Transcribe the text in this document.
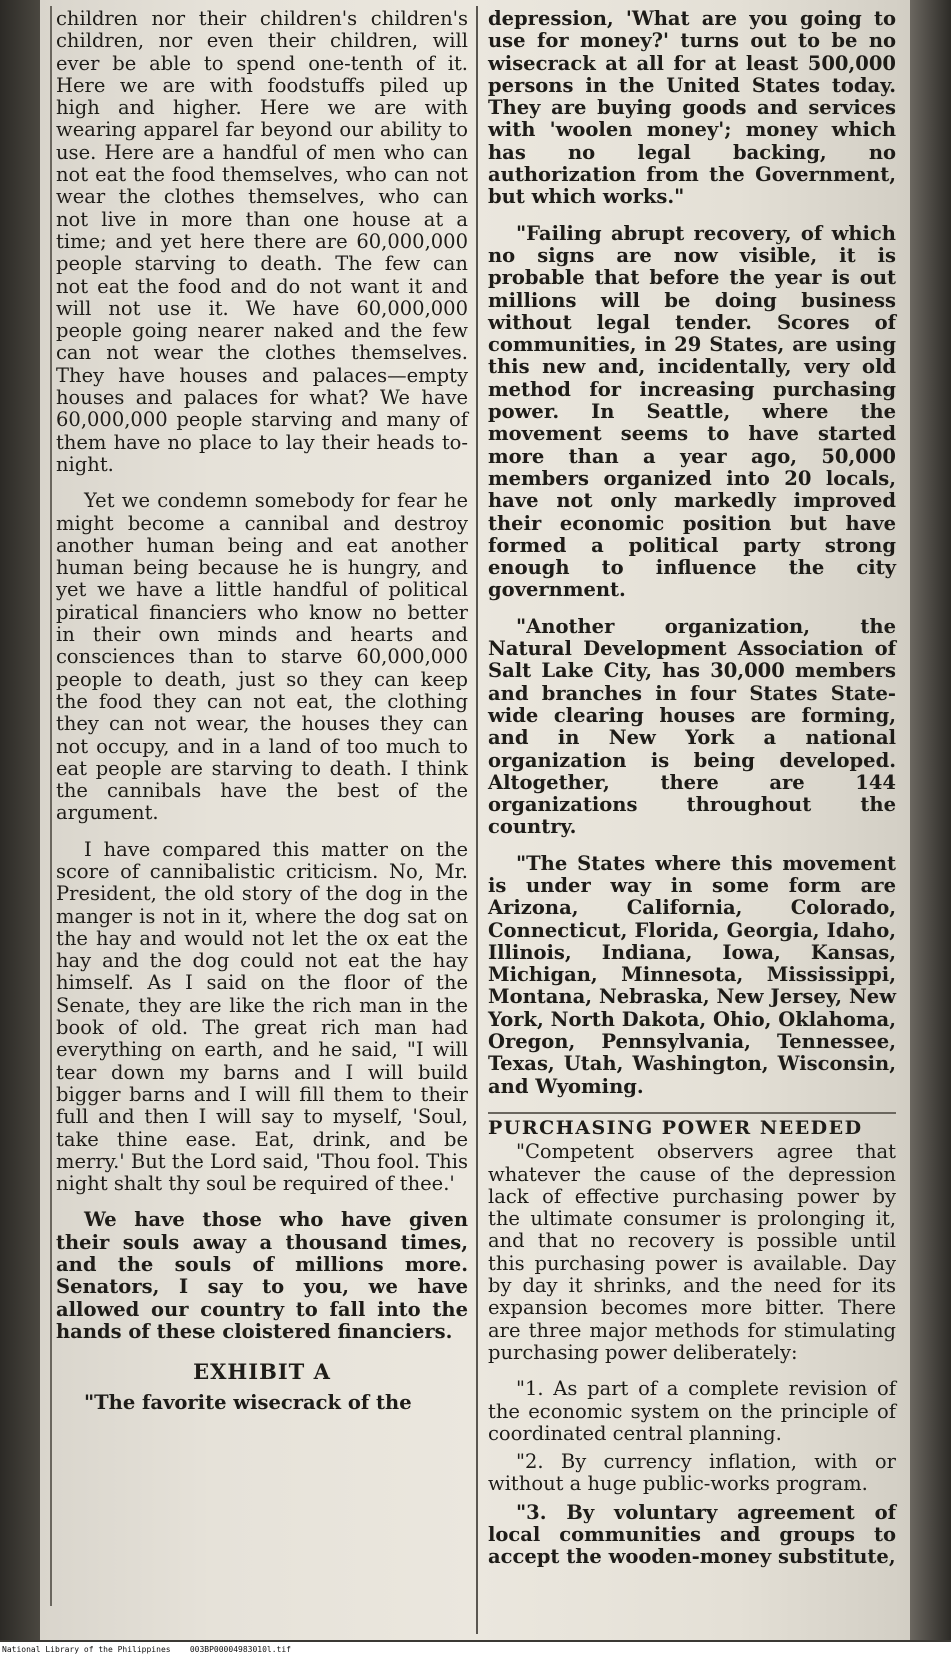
children nor their children's children's children, nor even their children, will ever be able to spend one-tenth of it. Here we are with foodstuffs piled up high and higher. Here we are with wearing apparel far beyond our ability to use. Here are a handful of men who can not eat the food themselves, who can not wear the clothes themselves, who can not live in more than one house at a time; and yet here there are 60,000,000 people starving to death. The few can not eat the food and do not want it and will not use it. We have 60,000,000 people going nearer naked and the few can not wear the clothes themselves. They have houses and palaces—empty houses and palaces for what? We have 60,000,000 people starving and many of them have no place to lay their heads to-night.

Yet we condemn somebody for fear he might become a cannibal and destroy another human being and eat another human being because he is hungry, and yet we have a little handful of political piratical financiers who know no better in their own minds and hearts and consciences than to starve 60,000,000 people to death, just so they can keep the food they can not eat, the clothing they can not wear, the houses they can not occupy, and in a land of too much to eat people are starving to death. I think the cannibals have the best of the argument.

I have compared this matter on the score of cannibalistic criticism. No, Mr. President, the old story of the dog in the manger is not in it, where the dog sat on the hay and would not let the ox eat the hay and the dog could not eat the hay himself. As I said on the floor of the Senate, they are like the rich man in the book of old. The great rich man had everything on earth, and he said, "I will tear down my barns and I will build bigger barns and I will fill them to their full and then I will say to myself, 'Soul, take thine ease. Eat, drink, and be merry.' But the Lord said, 'Thou fool. This night shalt thy soul be required of thee.'

We have those who have given their souls away a thousand times, and the souls of millions more. Senators, I say to you, we have allowed our country to fall into the hands of these cloistered financiers.

EXHIBIT A

"The favorite wisecrack of the

depression, 'What are you going to use for money?' turns out to be no wisecrack at all for at least 500,000 persons in the United States today. They are buying goods and services with 'woolen money'; money which has no legal backing, no authorization from the Government, but which works."

"Failing abrupt recovery, of which no signs are now visible, it is probable that before the year is out millions will be doing business without legal tender. Scores of communities, in 29 States, are using this new and, incidentally, very old method for increasing purchasing power. In Seattle, where the movement seems to have started more than a year ago, 50,000 members organized into 20 locals, have not only markedly improved their economic position but have formed a political party strong enough to influence the city government.

"Another organization, the Natural Development Association of Salt Lake City, has 30,000 members and branches in four States State-wide clearing houses are forming, and in New York a national organization is being developed. Altogether, there are 144 organizations throughout the country.

"The States where this movement is under way in some form are Arizona, California, Colorado, Connecticut, Florida, Georgia, Idaho, Illinois, Indiana, Iowa, Kansas, Michigan, Minnesota, Mississippi, Montana, Nebraska, New Jersey, New York, North Dakota, Ohio, Oklahoma, Oregon, Pennsylvania, Tennessee, Texas, Utah, Washington, Wisconsin, and Wyoming.

PURCHASING POWER NEEDED

"Competent observers agree that whatever the cause of the depression lack of effective purchasing power by the ultimate consumer is prolonging it, and that no recovery is possible until this purchasing power is available. Day by day it shrinks, and the need for its expansion becomes more bitter. There are three major methods for stimulating purchasing power deliberately:

"1. As part of a complete revision of the economic system on the principle of coordinated central planning.

"2. By currency inflation, with or without a huge public-works program.

"3. By voluntary agreement of local communities and groups to accept the wooden-money substitute,

National Library of the Philippines 003BP00004983010l.tif
